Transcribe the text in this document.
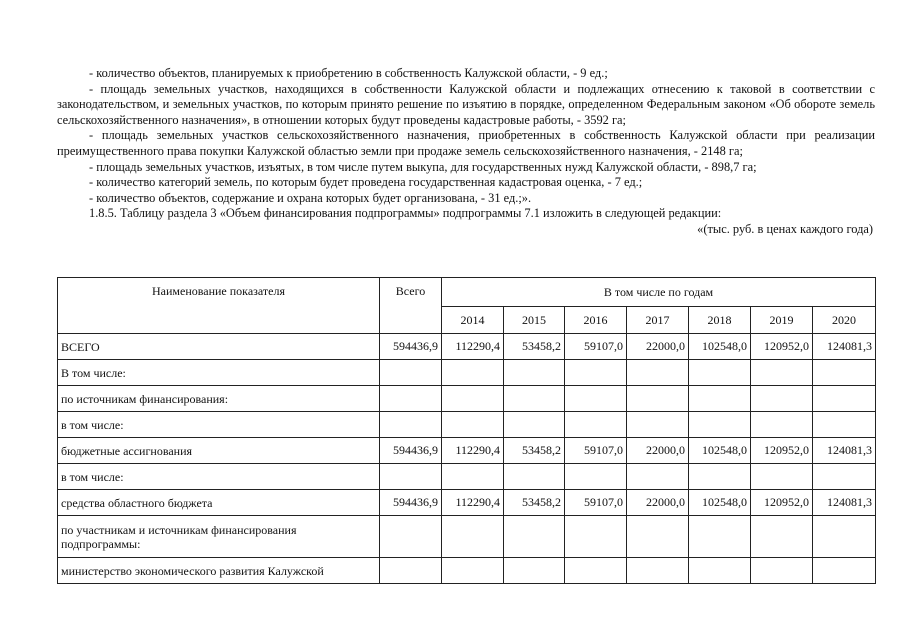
- количество объектов, планируемых к приобретению в собственность Калужской области, - 9 ед.;

- площадь земельных участков, находящихся в собственности Калужской области и подлежащих отнесению к таковой в соответствии с законодательством, и земельных участков, по которым принято решение по изъятию в порядке, определенном Федеральным законом «Об обороте земель сельскохозяйственного назначения», в отношении которых будут проведены кадастровые работы, - 3592 га;

- площадь земельных участков сельскохозяйственного назначения, приобретенных в собственность Калужской области при реализации преимущественного права покупки Калужской областью земли при продаже земель сельскохозяйственного назначения, - 2148 га;

- площадь земельных участков, изъятых, в том числе путем выкупа, для государственных нужд Калужской области, - 898,7 га;

- количество категорий земель, по которым будет проведена государственная кадастровая оценка, - 7 ед.;

- количество объектов, содержание и охрана которых будет организована, - 31 ед.;».

1.8.5. Таблицу раздела 3 «Объем финансирования подпрограммы» подпрограммы 7.1 изложить в следующей редакции:

«(тыс. руб. в ценах каждого года)

Наименование показателя	Всего	В том числе по годам						
		2014	2015	2016	2017	2018	2019	2020
ВСЕГО	594436,9	112290,4	53458,2	59107,0	22000,0	102548,0	120952,0	124081,3
В том числе:								
по источникам финансирования:								
в том числе:								
бюджетные ассигнования	594436,9	112290,4	53458,2	59107,0	22000,0	102548,0	120952,0	124081,3
в том числе:								
средства областного бюджета	594436,9	112290,4	53458,2	59107,0	22000,0	102548,0	120952,0	124081,3
по участникам и источникам финансирования подпрограммы:								
министерство экономического развития Калужской								
